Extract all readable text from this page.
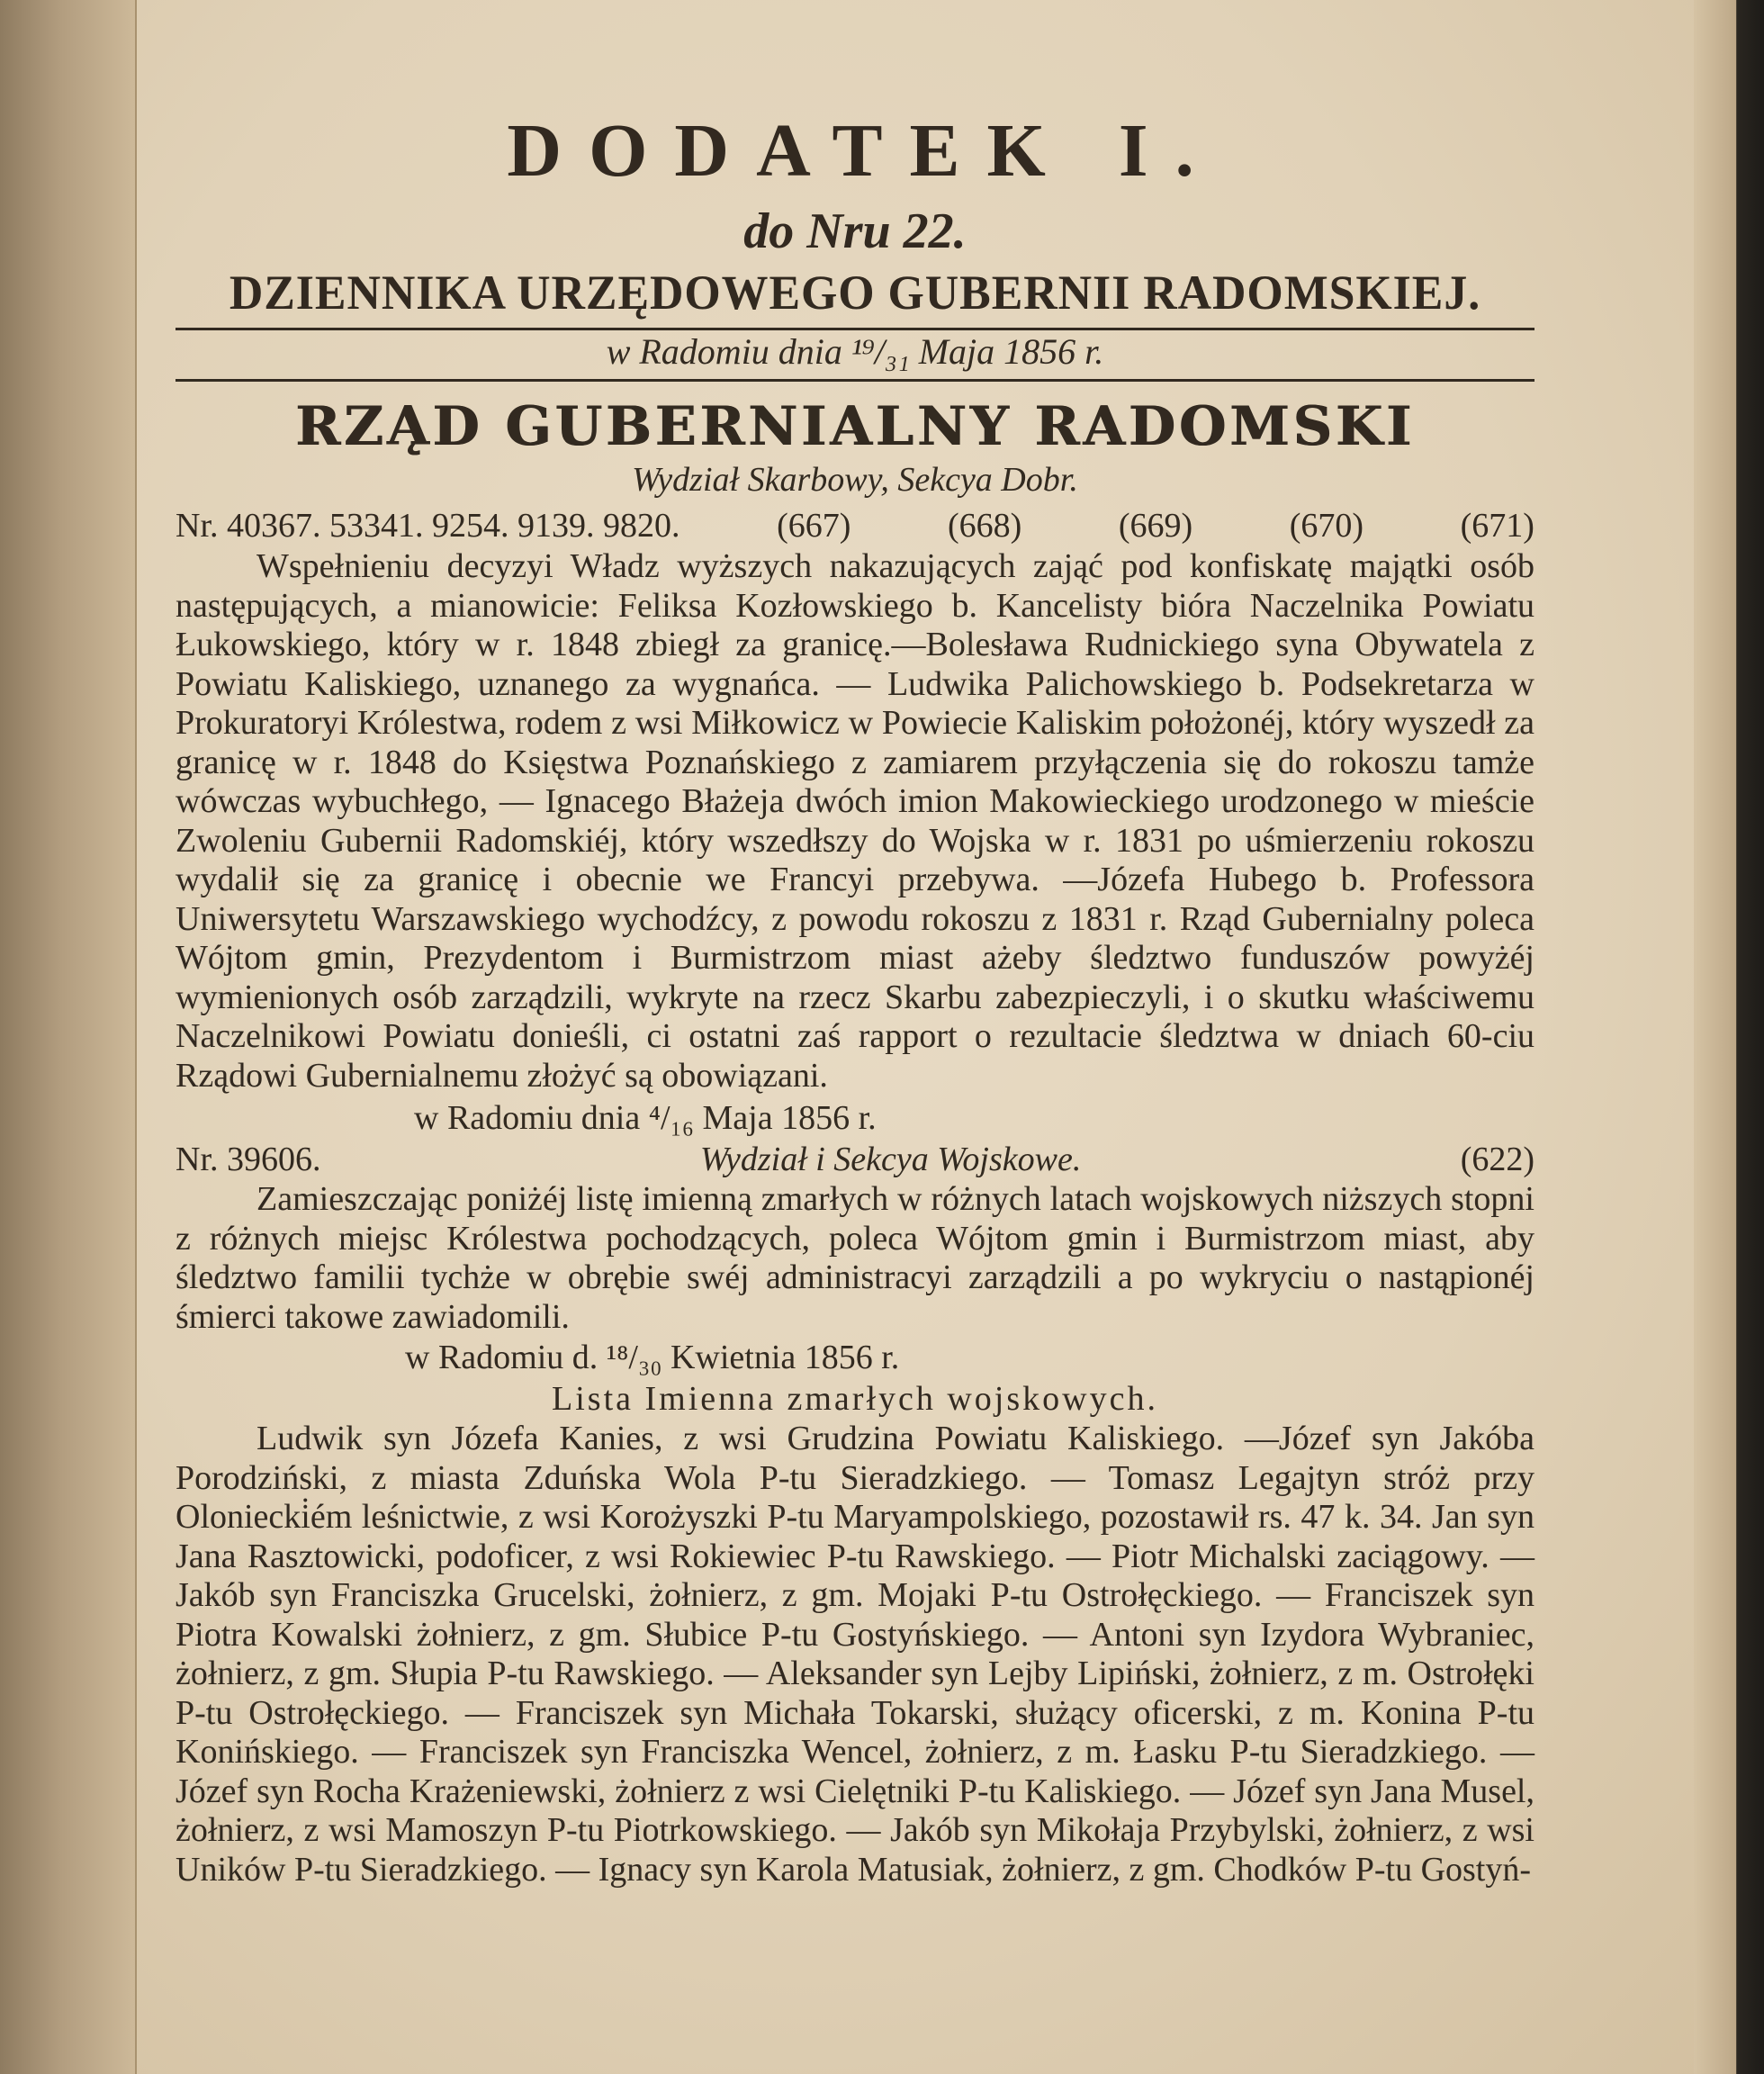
DODATEK I.
do Nru 22.
DZIENNIKA URZĘDOWEGO GUBERNII RADOMSKIEJ.
w Radomiu dnia ¹⁹/₃₁ Maja 1856 r.
RZĄD GUBERNIALNY RADOMSKI
Wydział Skarbowy, Sekcya Dobr.
Nr. 40367. 53341. 9254. 9139. 9820.	(667)	(668)	(669)	(670)	(671)

Wspełnieniu decyzyi Władz wyższych nakazujących zająć pod konfiskatę majątki osób następujących, a mianowicie: Feliksa Kozłowskiego b. Kancelisty bióra Naczelnika Powiatu Łukowskiego, który w r. 1848 zbiegł za granicę.—Bolesława Rudnickiego syna Obywatela z Powiatu Kaliskiego, uznanego za wygnańca. — Ludwika Palichowskiego b. Podsekretarza w Prokuratoryi Królestwa, rodem z wsi Miłkowicz w Powiecie Kaliskim położonéj, który wyszedł za granicę w r. 1848 do Księstwa Poznańskiego z zamiarem przyłączenia się do rokoszu tamże wówczas wybuchłego, — Ignacego Błażeja dwóch imion Makowieckiego urodzonego w mieście Zwoleniu Gubernii Radomskiéj, który wszedłszy do Wojska w r. 1831 po uśmierzeniu rokoszu wydalił się za granicę i obecnie we Francyi przebywa. —Józefa Hubego b. Professora Uniwersytetu Warszawskiego wychodźcy, z powodu rokoszu z 1831 r. Rząd Gubernialny poleca Wójtom gmin, Prezydentom i Burmistrzom miast ażeby śledztwo funduszów powyżéj wymienionych osób zarządzili, wykryte na rzecz Skarbu zabezpieczyli, i o skutku właściwemu Naczelnikowi Powiatu donieśli, ci ostatni zaś rapport o rezultacie śledztwa w dniach 60-ciu Rządowi Gubernialnemu złożyć są obowiązani.

w Radomiu dnia ⁴/₁₆ Maja 1856 r.
Nr. 39606.	Wydział i Sekcya Wojskowe.	(622)

Zamieszczając poniżéj listę imienną zmarłych w różnych latach wojskowych niższych stopni z różnych miejsc Królestwa pochodzących, poleca Wójtom gmin i Burmistrzom miast, aby śledztwo familii tychże w obrębie swéj administracyi zarządzili a po wykryciu o nastąpionéj śmierci takowe zawiadomili.

w Radomiu d. ¹⁸/₃₀ Kwietnia 1856 r.
Lista Imienna zmarłych wojskowych.

Ludwik syn Józefa Kanies, z wsi Grudzina Powiatu Kaliskiego. —Józef syn Jakóba Porodziński, z miasta Zduńska Wola P-tu Sieradzkiego. — Tomasz Legajtyn stróż przy Oloniecki̇ém leśnictwie, z wsi Korożyszki P-tu Maryampolskiego, pozostawił rs. 47 k. 34. Jan syn Jana Rasztowicki, podoficer, z wsi Rokiewiec P-tu Rawskiego. — Piotr Michalski zaciągowy. — Jakób syn Franciszka Grucelski, żołnierz, z gm. Mojaki P-tu Ostrołęckiego. — Franciszek syn Piotra Kowalski żołnierz, z gm. Słubice P-tu Gostyńskiego. — Antoni syn Izydora Wybraniec, żołnierz, z gm. Słupia P-tu Rawskiego. — Aleksander syn Lejby Lipiński, żołnierz, z m. Ostrołęki P-tu Ostrołęckiego. — Franciszek syn Michała Tokarski, służący oficerski, z m. Konina P-tu Konińskiego. — Franciszek syn Franciszka Wencel, żołnierz, z m. Łasku P-tu Sieradzkiego. — Józef syn Rocha Krażeniewski, żołnierz z wsi Cielętniki P-tu Kaliskiego. — Józef syn Jana Musel, żołnierz, z wsi Mamoszyn P-tu Piotrkowskiego. — Jakób syn Mikołaja Przybylski, żołnierz, z wsi Uników P-tu Sieradzkiego. — Ignacy syn Karola Matusiak, żołnierz, z gm. Chodków P-tu Gostyń-
